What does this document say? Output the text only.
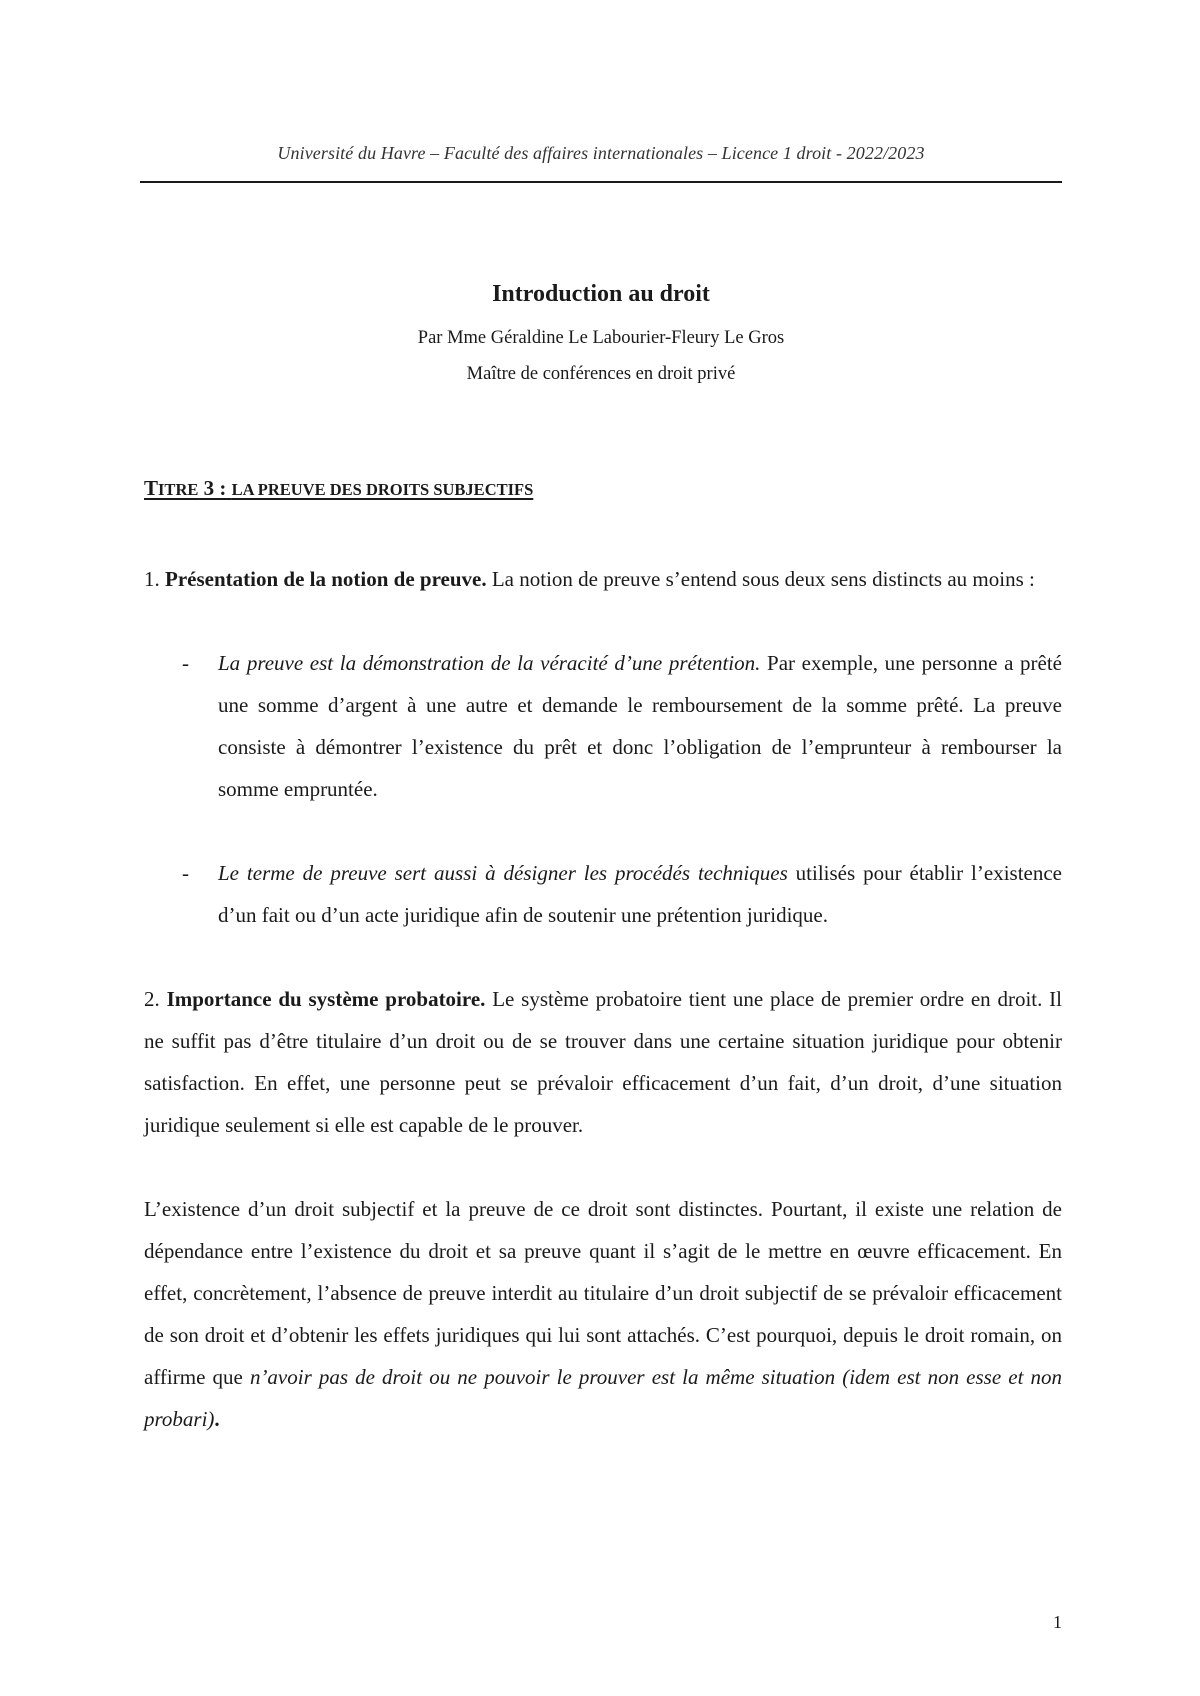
Université du Havre – Faculté des affaires internationales – Licence 1 droit - 2022/2023
Introduction au droit
Par Mme Géraldine Le Labourier-Fleury Le Gros
Maître de conférences en droit privé
TITRE 3 : LA PREUVE DES DROITS SUBJECTIFS

1. Présentation de la notion de preuve. La notion de preuve s’entend sous deux sens distincts au moins :

- La preuve est la démonstration de la véracité d’une prétention. Par exemple, une personne a prêté une somme d’argent à une autre et demande le remboursement de la somme prêté. La preuve consiste à démontrer l’existence du prêt et donc l’obligation de l’emprunteur à rembourser la somme empruntée.
- Le terme de preuve sert aussi à désigner les procédés techniques utilisés pour établir l’existence d’un fait ou d’un acte juridique afin de soutenir une prétention juridique.

2. Importance du système probatoire. Le système probatoire tient une place de premier ordre en droit. Il ne suffit pas d’être titulaire d’un droit ou de se trouver dans une certaine situation juridique pour obtenir satisfaction. En effet, une personne peut se prévaloir efficacement d’un fait, d’un droit, d’une situation juridique seulement si elle est capable de le prouver.

L’existence d’un droit subjectif et la preuve de ce droit sont distinctes. Pourtant, il existe une relation de dépendance entre l’existence du droit et sa preuve quant il s’agit de le mettre en œuvre efficacement. En effet, concrètement, l’absence de preuve interdit au titulaire d’un droit subjectif de se prévaloir efficacement de son droit et d’obtenir les effets juridiques qui lui sont attachés. C’est pourquoi, depuis le droit romain, on affirme que n’avoir pas de droit ou ne pouvoir le prouver est la même situation (idem est non esse et non probari).

1
